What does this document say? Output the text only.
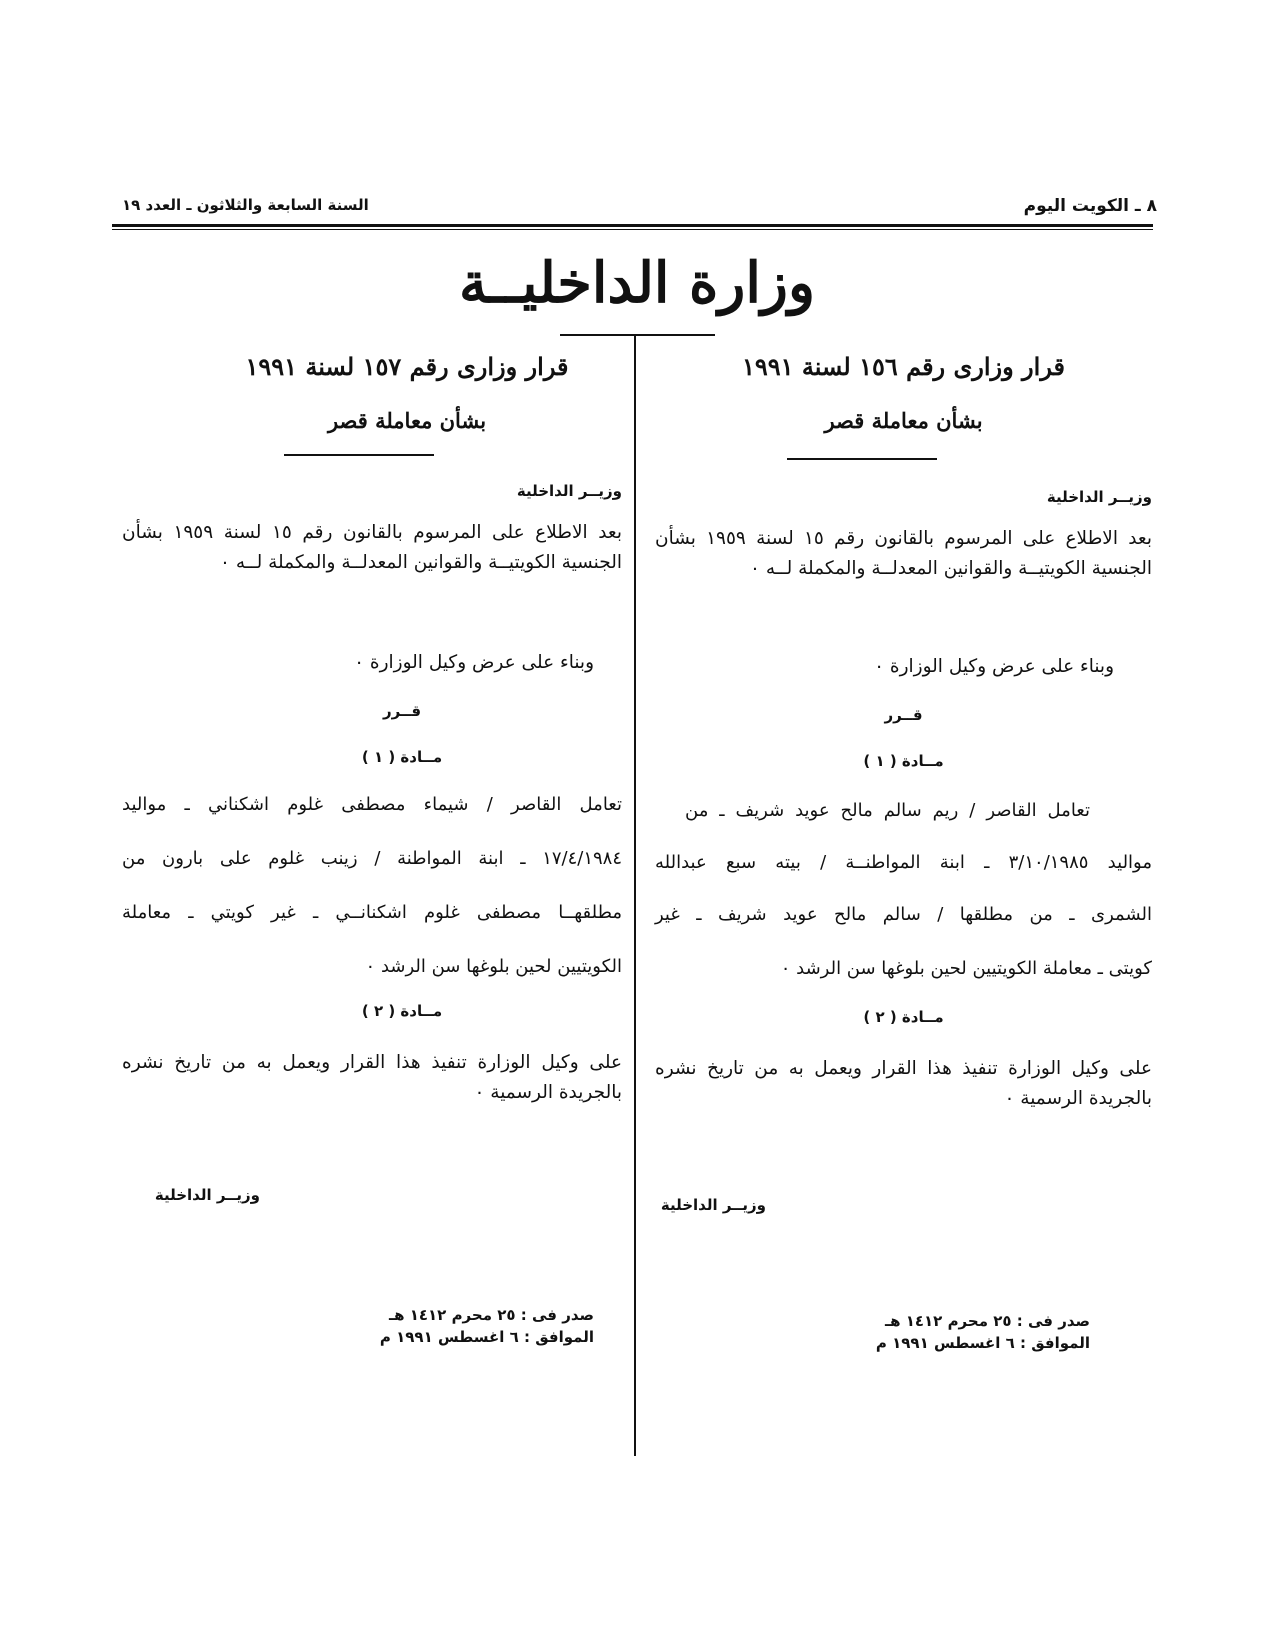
٨ ـ الكويت اليوم
السنة السابعة والثلاثون ـ العدد ١٩
وزارة الداخليــة
قرار وزارى رقم ١٥٦ لسنة ١٩٩١
بشأن معاملة قصر
وزيــر الداخلية
بعد الاطلاع على المرسوم بالقانون رقم ١٥ لسنة ١٩٥٩ بشأن الجنسية الكويتيــة والقوانين المعدلــة والمكملة لــه ٠
وبناء على عرض وكيل الوزارة ٠
قــرر
مــادة ( ١ )
تعامل القاصر / ريم سالم مالح عويد شريف ـ من
مواليد ٣/١٠/١٩٨٥ ـ ابنة المواطنــة / بيته سبع عبدالله
الشمرى ـ من مطلقها / سالم مالح عويد شريف ـ غير
كويتى ـ معاملة الكويتيين لحين بلوغها سن الرشد ٠
مــادة ( ٢ )
على وكيل الوزارة تنفيذ هذا القرار ويعمل به من تاريخ نشره بالجريدة الرسمية ٠
وزيــر الداخلية
صدر فى : ٢٥ محرم ١٤١٢ هـ
الموافق : ٦ اغسطس ١٩٩١ م
قرار وزارى رقم ١٥٧ لسنة ١٩٩١
بشأن معاملة قصر
وزيــر الداخلية
بعد الاطلاع على المرسوم بالقانون رقم ١٥ لسنة ١٩٥٩ بشأن الجنسية الكويتيــة والقوانين المعدلــة والمكملة لــه ٠
وبناء على عرض وكيل الوزارة ٠
قــرر
مــادة ( ١ )
تعامل القاصر / شيماء مصطفى غلوم اشكناني ـ مواليد
١٧/٤/١٩٨٤ ـ ابنة المواطنة / زينب غلوم على بارون من
مطلقهــا مصطفى غلوم اشكنانــي ـ غير كويتي ـ معاملة
الكويتيين لحين بلوغها سن الرشد ٠
مــادة ( ٢ )
على وكيل الوزارة تنفيذ هذا القرار ويعمل به من تاريخ نشره بالجريدة الرسمية ٠
وزيــر الداخلية
صدر فى : ٢٥ محرم ١٤١٢ هـ
الموافق : ٦ اغسطس ١٩٩١ م
